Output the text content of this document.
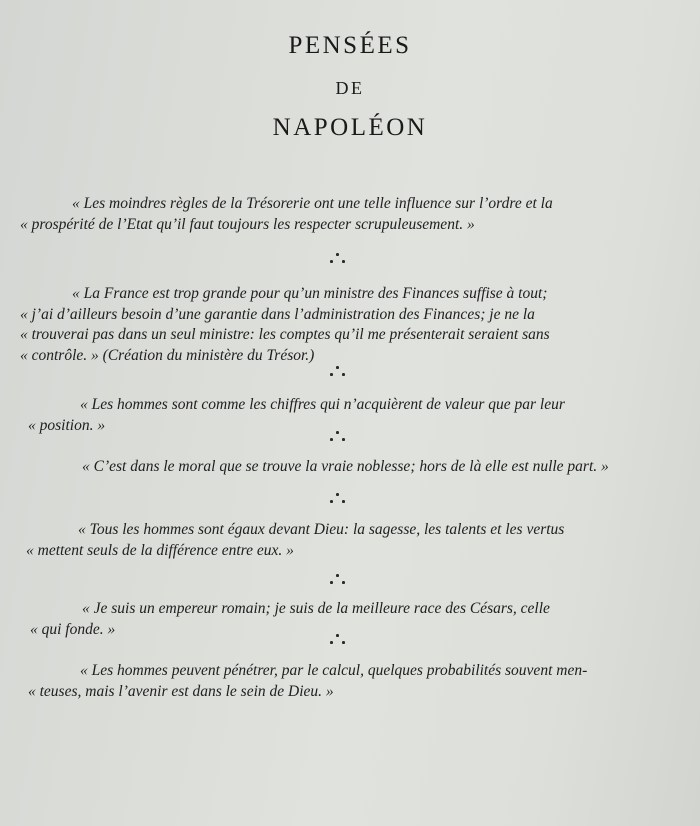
PENSÉES
DE
NAPOLÉON
« Les moindres règles de la Trésorerie ont une telle influence sur l’ordre et la
« prospérité de l’Etat qu’il faut toujours les respecter scrupuleusement. »
« La France est trop grande pour qu’un ministre des Finances suffise à tout;
« j’ai d’ailleurs besoin d’une garantie dans l’administration des Finances; je ne la
« trouverai pas dans un seul ministre: les comptes qu’il me présenterait seraient sans
« contrôle. » (Création du ministère du Trésor.)
« Les hommes sont comme les chiffres qui n’acquièrent de valeur que par leur
« position. »
« C’est dans le moral que se trouve la vraie noblesse; hors de là elle est nulle part. »
« Tous les hommes sont égaux devant Dieu: la sagesse, les talents et les vertus
« mettent seuls de la différence entre eux. »
« Je suis un empereur romain; je suis de la meilleure race des Césars, celle
« qui fonde. »
« Les hommes peuvent pénétrer, par le calcul, quelques probabilités souvent men-
« teuses, mais l’avenir est dans le sein de Dieu. »
